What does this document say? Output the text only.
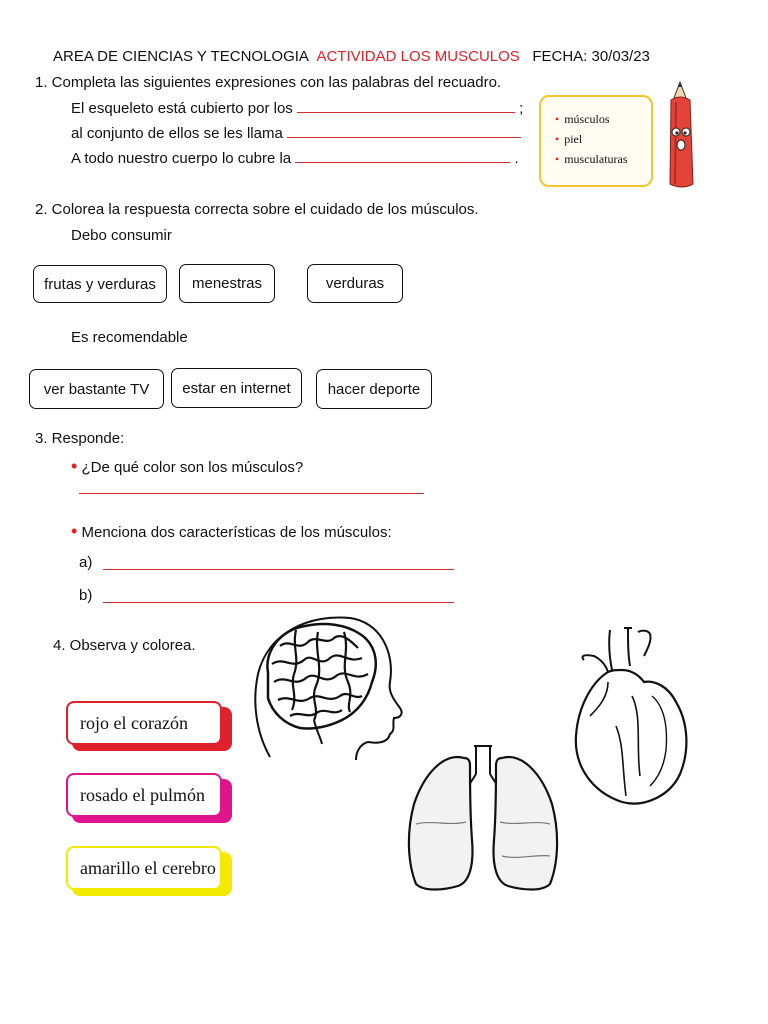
AREA DE CIENCIAS Y TECNOLOGIA ACTIVIDAD LOS MUSCULOS FECHA: 30/03/23
1. Completa las siguientes expresiones con las palabras del recuadro.
El esqueleto está cubierto por los	;
al conjunto de ellos se les llama
A todo nuestro cuerpo lo cubre la	.
• músculos
• piel
• musculaturas
2. Colorea la respuesta correcta sobre el cuidado de los músculos.
Debo consumir
frutas y verduras	menestras	verduras
Es recomendable
ver bastante TV	estar en internet	hacer deporte
3. Responde:
• ¿De qué color son los músculos?
• Menciona dos características de los músculos:
a)
b)
4. Observa y colorea.
rojo el corazón
rosado el pulmón
amarillo el cerebro
